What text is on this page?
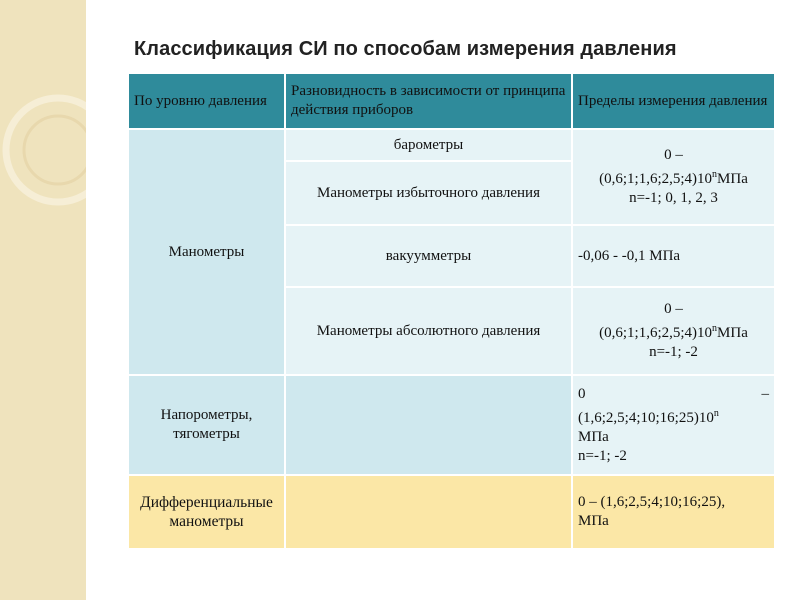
Классификация СИ по способам измерения давления
По уровню давления	Разновидность в зависимости от принципа действия приборов	Пределы измерения давления
Манометры	барометры	0 –
(0,6;1;1,6;2,5;4)10$^n$МПа
n=-1; 0, 1, 2, 3

	Манометры избыточного давления	
	вакуумметры	-0,06 - -0,1 МПа
	Манометры абсолютного давления	0 –
(0,6;1;1,6;2,5;4)10$^n$МПа
n=-1; -2

Напорометры, тягометры		0 –
(1,6;2,5;4;10;16;25)10$^n$
МПа
n=-1; -2

Дифференциальные манометры		0 – (1,6;2,5;4;10;16;25),
МПа
